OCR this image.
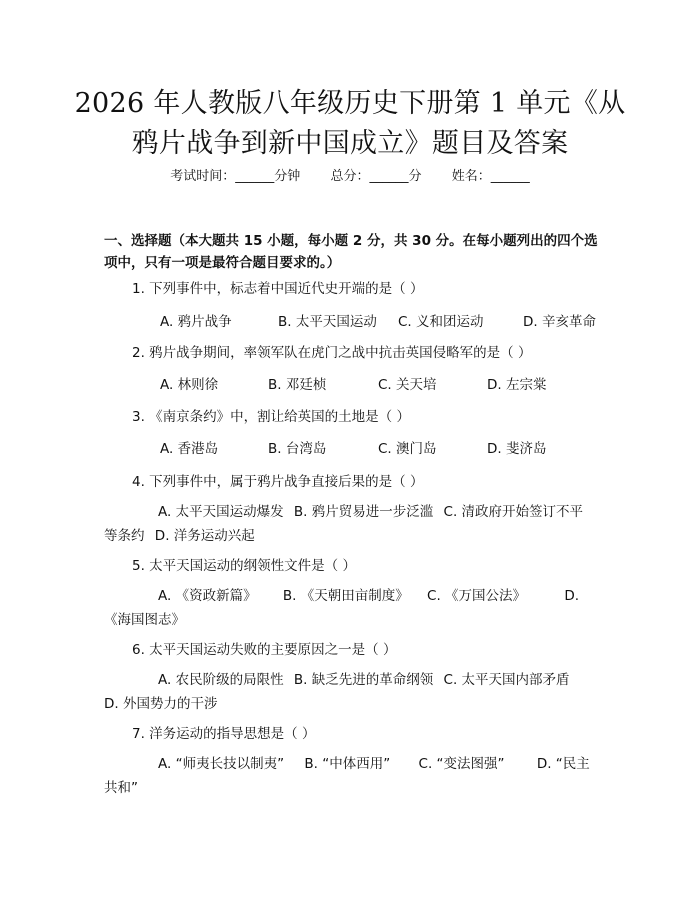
2026 年人教版八年级历史下册第 1 单元《从
鸦片战争到新中国成立》题目及答案
考试时间：______分钟 总分：______分 姓名：______
一、选择题（本大题共 15 小题，每小题 2 分，共 30 分。在每小题列出的四个选
项中，只有一项是最符合题目要求的。）
1. 下列事件中，标志着中国近代史开端的是（ ）
A. 鸦片战争	B. 太平天国运动 C. 义和团运动	D. 辛亥革命
2. 鸦片战争期间，率领军队在虎门之战中抗击英国侵略军的是（ ）
A. 林则徐	B. 邓廷桢	C. 关天培	D. 左宗棠
3. 《南京条约》中，割让给英国的土地是（ ）
A. 香港岛	B. 台湾岛	C. 澳门岛	D. 斐济岛
4. 下列事件中，属于鸦片战争直接后果的是（ ）
A. 太平天国运动爆发 B. 鸦片贸易进一步泛滥 C. 清政府开始签订不平等条约 D. 洋务运动兴起
5. 太平天国运动的纲领性文件是（ ）
A. 《资政新篇》 B. 《天朝田亩制度》 C. 《万国公法》	D. 《海国图志》
6. 太平天国运动失败的主要原因之一是（ ）
A. 农民阶级的局限性 B. 缺乏先进的革命纲领 C. 太平天国内部矛盾 D. 外国势力的干涉
7. 洋务运动的指导思想是（ ）
A. “师夷长技以制夷” B. “中体西用” C. “变法图强” D. “民主共和”
